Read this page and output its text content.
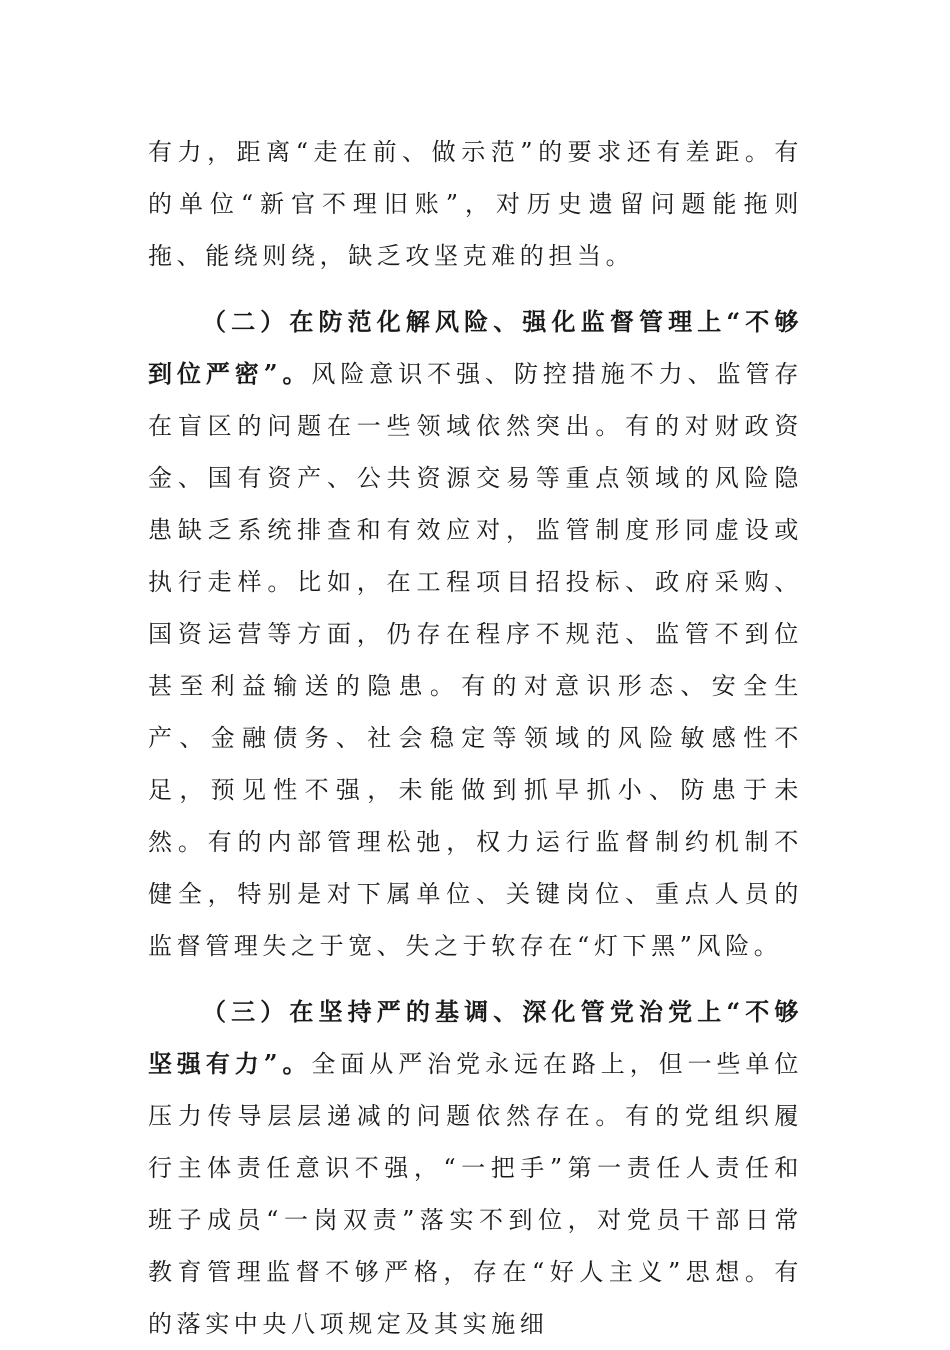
有力，距离“走在前、做示范”的要求还有差距。有的单位“新官不理旧账”，对历史遗留问题能拖则拖、能绕则绕，缺乏攻坚克难的担当。

（二）在防范化解风险、强化监督管理上“不够到位严密”。风险意识不强、防控措施不力、监管存在盲区的问题在一些领域依然突出。有的对财政资金、国有资产、公共资源交易等重点领域的风险隐患缺乏系统排查和有效应对，监管制度形同虚设或执行走样。比如，在工程项目招投标、政府采购、国资运营等方面，仍存在程序不规范、监管不到位甚至利益输送的隐患。有的对意识形态、安全生产、金融债务、社会稳定等领域的风险敏感性不足，预见性不强，未能做到抓早抓小、防患于未然。有的内部管理松弛，权力运行监督制约机制不健全，特别是对下属单位、关键岗位、重点人员的监督管理失之于宽、失之于软存在“灯下黑”风险。

（三）在坚持严的基调、深化管党治党上“不够坚强有力”。全面从严治党永远在路上，但一些单位压力传导层层递减的问题依然存在。有的党组织履行主体责任意识不强，“一把手”第一责任人责任和班子成员“一岗双责”落实不到位，对党员干部日常教育管理监督不够严格，存在“好人主义”思想。有的落实中央八项规定及其实施细
